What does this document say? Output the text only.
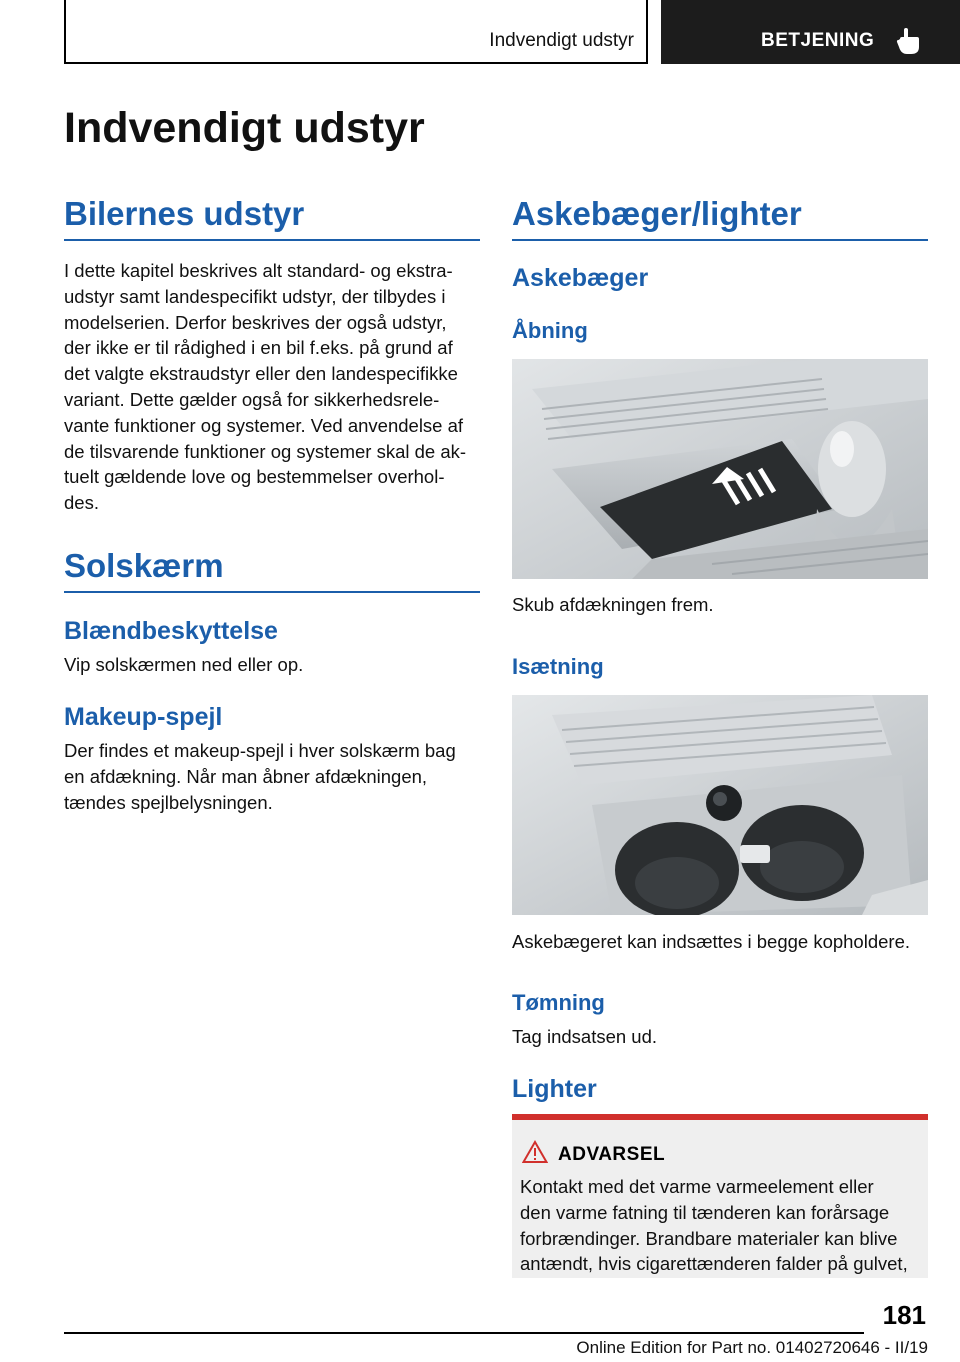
Indvendigt udstyr	BETJENING
Indvendigt udstyr
Bilernes udstyr

I dette kapitel beskrives alt standard- og ekstra-
udstyr samt landespecifikt udstyr, der tilbydes i
modelserien. Derfor beskrives der også udstyr,
der ikke er til rådighed i en bil f.eks. på grund af
det valgte ekstraudstyr eller den landespecifikke
variant. Dette gælder også for sikkerhedsrele-
vante funktioner og systemer. Ved anvendelse af
de tilsvarende funktioner og systemer skal de ak-
tuelt gældende love og bestemmelser overhol-
des.

Solskærm
Blændbeskyttelse

Vip solskærmen ned eller op.

Makeup-spejl

Der findes et makeup-spejl i hver solskærm bag
en afdækning. Når man åbner afdækningen,
tændes spejlbelysningen.

Askebæger/lighter
Askebæger
Åbning

Skub afdækningen frem.

Isætning

Askebægeret kan indsættes i begge kopholdere.

Tømning

Tag indsatsen ud.

Lighter
ADVARSEL

Kontakt med det varme varmeelement eller
den varme fatning til tænderen kan forårsage
forbrændinger. Brandbare materialer kan blive
antændt, hvis cigarettænderen falder på gulvet,

181
Online Edition for Part no. 01402720646 - II/19
